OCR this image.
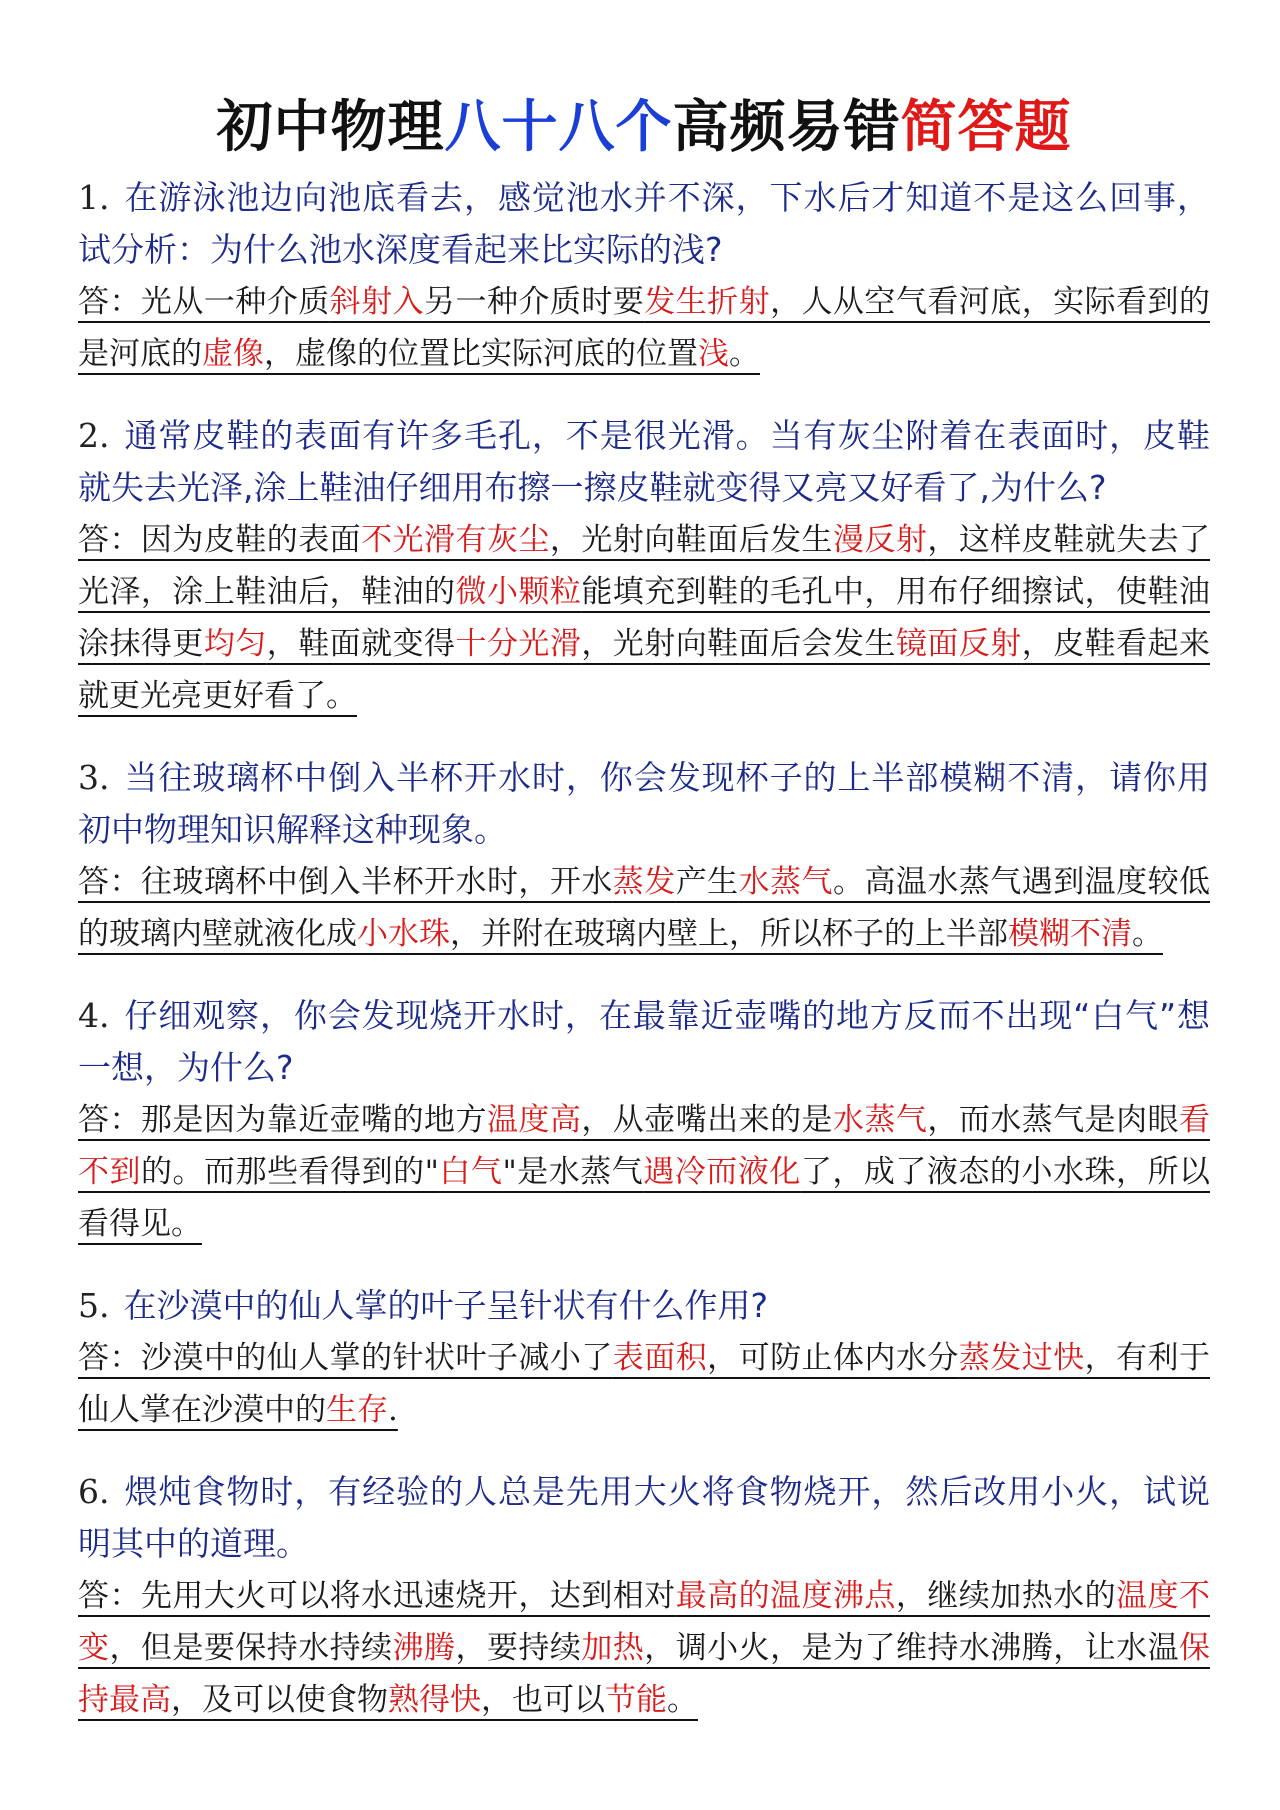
初中物理八十八个高频易错简答题

1. 在游泳池边向池底看去，感觉池水并不深，下水后才知道不是这么回事，试分析：为什么池水深度看起来比实际的浅?

答：光从一种介质斜射入另一种介质时要发生折射，人从空气看河底，实际看到的是河底的虚像，虚像的位置比实际河底的位置浅。

2. 通常皮鞋的表面有许多毛孔，不是很光滑。当有灰尘附着在表面时，皮鞋就失去光泽,涂上鞋油仔细用布擦一擦皮鞋就变得又亮又好看了,为什么?

答：因为皮鞋的表面不光滑有灰尘，光射向鞋面后发生漫反射，这样皮鞋就失去了光泽，涂上鞋油后，鞋油的微小颗粒能填充到鞋的毛孔中，用布仔细擦试，使鞋油涂抹得更均匀，鞋面就变得十分光滑，光射向鞋面后会发生镜面反射，皮鞋看起来就更光亮更好看了。

3. 当往玻璃杯中倒入半杯开水时，你会发现杯子的上半部模糊不清，请你用初中物理知识解释这种现象。

答：往玻璃杯中倒入半杯开水时，开水蒸发产生水蒸气。高温水蒸气遇到温度较低的玻璃内壁就液化成小水珠，并附在玻璃内壁上，所以杯子的上半部模糊不清。

4. 仔细观察，你会发现烧开水时，在最靠近壶嘴的地方反而不出现“白气”想一想，为什么?

答：那是因为靠近壶嘴的地方温度高，从壶嘴出来的是水蒸气，而水蒸气是肉眼看不到的。而那些看得到的"白气"是水蒸气遇冷而液化了，成了液态的小水珠，所以看得见。

5. 在沙漠中的仙人掌的叶子呈针状有什么作用?

答：沙漠中的仙人掌的针状叶子减小了表面积，可防止体内水分蒸发过快，有利于仙人掌在沙漠中的生存.

6. 煨炖食物时，有经验的人总是先用大火将食物烧开，然后改用小火，试说明其中的道理。

答：先用大火可以将水迅速烧开，达到相对最高的温度沸点，继续加热水的温度不变，但是要保持水持续沸腾，要持续加热，调小火，是为了维持水沸腾，让水温保持最高，及可以使食物熟得快，也可以节能。
